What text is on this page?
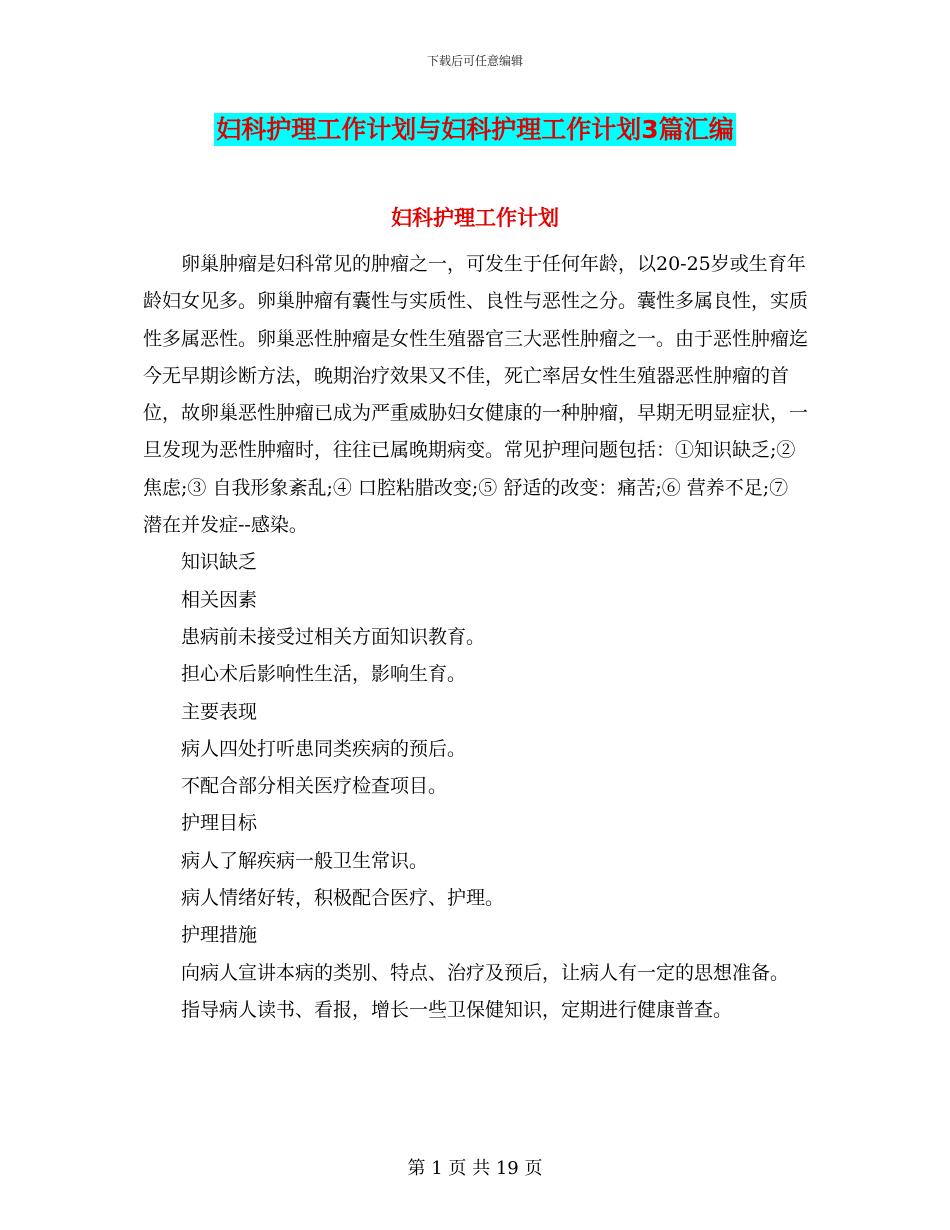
下载后可任意编辑
妇科护理工作计划与妇科护理工作计划3篇汇编
妇科护理工作计划

卵巢肿瘤是妇科常见的肿瘤之一，可发生于任何年龄，以20-25岁或生育年龄妇女见多。卵巢肿瘤有囊性与实质性、良性与恶性之分。囊性多属良性，实质性多属恶性。卵巢恶性肿瘤是女性生殖器官三大恶性肿瘤之一。由于恶性肿瘤迄今无早期诊断方法，晚期治疗效果又不佳，死亡率居女性生殖器恶性肿瘤的首位，故卵巢恶性肿瘤已成为严重威胁妇女健康的一种肿瘤，早期无明显症状，一旦发现为恶性肿瘤时，往往已属晚期病变。常见护理问题包括：①知识缺乏;② 焦虑;③ 自我形象紊乱;④ 口腔粘腊改变;⑤ 舒适的改变：痛苦;⑥ 营养不足;⑦ 潜在并发症--感染。

知识缺乏

相关因素

患病前未接受过相关方面知识教育。

担心术后影响性生活，影响生育。

主要表现

病人四处打听患同类疾病的预后。

不配合部分相关医疗检查项目。

护理目标

病人了解疾病一般卫生常识。

病人情绪好转，积极配合医疗、护理。

护理措施

向病人宣讲本病的类别、特点、治疗及预后，让病人有一定的思想准备。

指导病人读书、看报，增长一些卫保健知识，定期进行健康普查。

第 1 页 共 19 页
